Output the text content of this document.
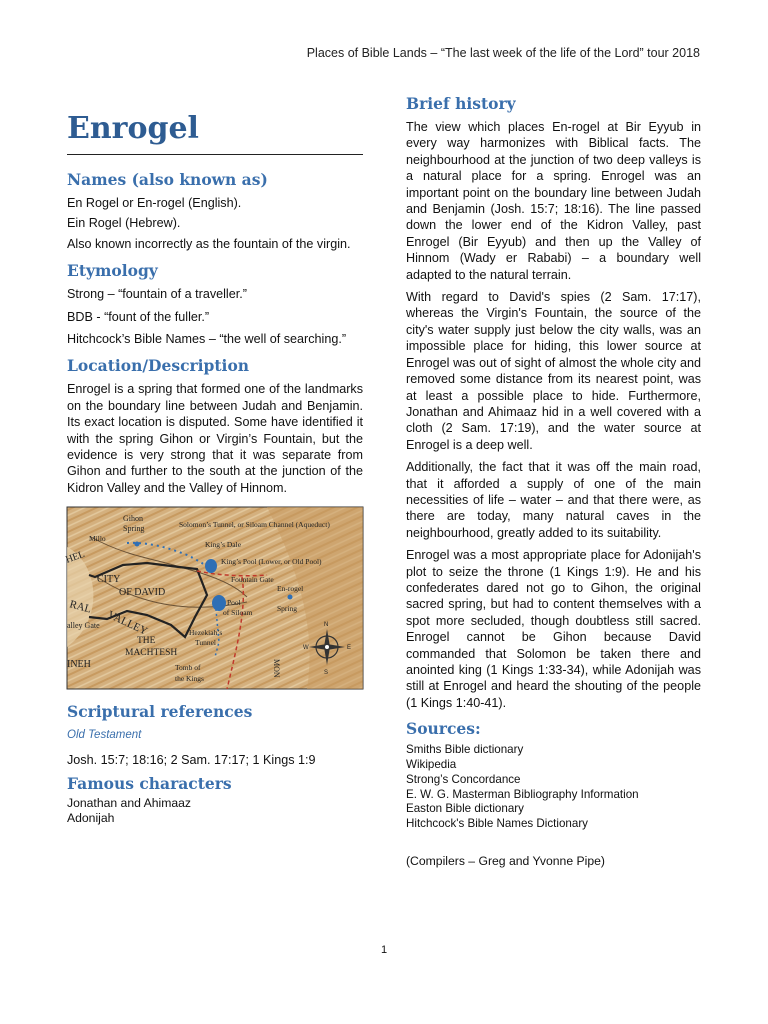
Places of Bible Lands – “The last week of the life of the Lord” tour 2018
Enrogel
Names (also known as)

En Rogel or En-rogel (English).

Ein Rogel (Hebrew).

Also known incorrectly as the fountain of the virgin.

Etymology

Strong – “fountain of a traveller.”

BDB - “fount of the fuller.”

Hitchcock’s Bible Names – “the well of searching.”

Location/Description

Enrogel is a spring that formed one of the landmarks on the boundary line between Judah and Benjamin. Its exact location is disputed. Some have identified it with the spring Gihon or Virgin’s Fountain, but the evidence is very strong that it was separate from Gihon and further to the south at the junction of the Kidron Valley and the Valley of Hinnom.

Gihon
Spring	Solomon’s Tunnel, or Siloam Channel (Aqueduct)
Millo
King’s Dale
King’s Pool (Lower, or Old Pool)
HEL
CITY
OF DAVID
Fountain Gate
En-rogel
Spring
RAL
VALLEY
Pool
of Siloam
alley Gate
THE
MACHTESH
Hezekiah’s
Tunnel
INEH	Tomb of
the Kings
MON
N
S
E
W
Scriptural references

Old Testament

Josh. 15:7; 18:16; 2 Sam. 17:17; 1 Kings 1:9

Famous characters

Jonathan and Ahimaaz

Adonijah

Brief history

The view which places En-rogel at Bir Eyyub in every way harmonizes with Biblical facts. The neighbourhood at the junction of two deep valleys is a natural place for a spring. Enrogel was an important point on the boundary line between Judah and Benjamin (Josh. 15:7; 18:16). The line passed down the lower end of the Kidron Valley, past Enrogel (Bir Eyyub) and then up the Valley of Hinnom (Wady er Rababi) – a boundary well adapted to the natural terrain.

With regard to David's spies (2 Sam. 17:17), whereas the Virgin's Fountain, the source of the city's water supply just below the city walls, was an impossible place for hiding, this lower source at Enrogel was out of sight of almost the whole city and removed some distance from its nearest point, was at least a possible place to hide. Furthermore, Jonathan and Ahimaaz hid in a well covered with a cloth (2 Sam. 17:19), and the water source at Enrogel is a deep well.

Additionally, the fact that it was off the main road, that it afforded a supply of one of the main necessities of life – water – and that there were, as there are today, many natural caves in the neighbourhood, greatly added to its suitability.

Enrogel was a most appropriate place for Adonijah's plot to seize the throne (1 Kings 1:9). He and his confederates dared not go to Gihon, the original sacred spring, but had to content themselves with a spot more secluded, though doubtless still sacred. Enrogel cannot be Gihon because David commanded that Solomon be taken there and anointed king (1 Kings 1:33-34), while Adonijah was still at Enrogel and heard the shouting of the people (1 Kings 1:40-41).

Sources:

Smiths Bible dictionary

Wikipedia

Strong’s Concordance

E. W. G. Masterman Bibliography Information

Easton Bible dictionary

Hitchcock's Bible Names Dictionary

(Compilers – Greg and Yvonne Pipe)

1
